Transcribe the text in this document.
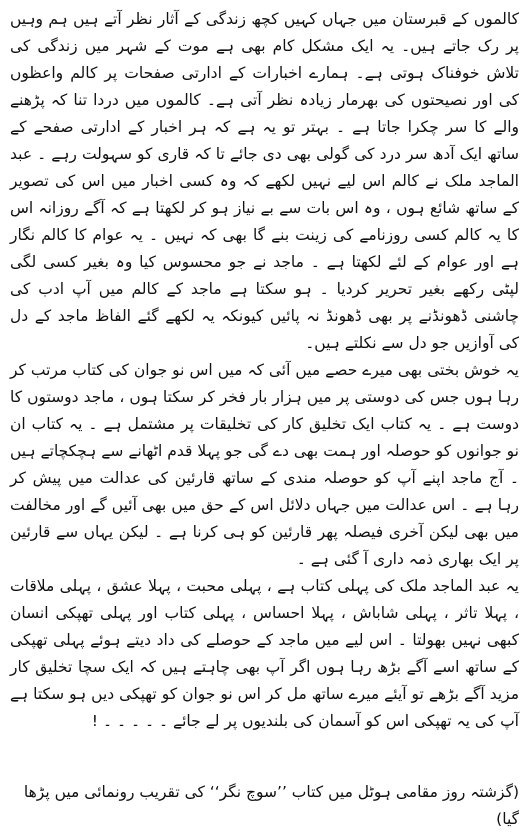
کالموں کے قبرستان میں جہاں کہیں کچھ زندگی کے آثار نظر آتے ہیں ہم وہیں پر رک جاتے ہیں۔ یہ ایک مشکل کام بھی ہے موت کے شہر میں زندگی کی تلاش خوفناک ہوتی ہے۔ ہمارے اخبارات کے ادارتی صفحات پر کالم واعظوں کی اور نصیحتوں کی بھرمار زیادہ نظر آتی ہے۔ کالموں میں دردا تنا کہ پڑھنے والے کا سر چکرا جاتا ہے ۔ بہتر تو یہ ہے کہ ہر اخبار کے ادارتی صفحے کے ساتھ ایک آدھ سر درد کی گولی بھی دی جائے تا کہ قاری کو سہولت رہے ۔ عبد الماجد ملک نے کالم اس لیے نہیں لکھے کہ وہ کسی اخبار میں اس کی تصویر کے ساتھ شائع ہوں ، وہ اس بات سے بے نیاز ہو کر لکھتا ہے کہ آگے روزانہ اس کا یہ کالم کسی روزنامے کی زینت بنے گا بھی کہ نہیں ۔ یہ عوام کا کالم نگار ہے اور عوام کے لئے لکھتا ہے ۔ ماجد نے جو محسوس کیا وہ بغیر کسی لگی لپٹی رکھے بغیر تحریر کردیا ۔ ہو سکتا ہے ماجد کے کالم میں آپ ادب کی چاشنی ڈھونڈنے پر بھی ڈھونڈ نہ پائیں کیونکہ یہ لکھے گئے الفاظ ماجد کے دل کی آوازیں جو دل سے نکلتے ہیں۔

یہ خوش بختی بھی میرے حصے میں آئی کہ میں اس نو جوان کی کتاب مرتب کر رہا ہوں جس کی دوستی پر میں ہزار بار فخر کر سکتا ہوں ، ماجد دوستوں کا دوست ہے ۔ یہ کتاب ایک تخلیق کار کی تخلیقات پر مشتمل ہے ۔ یہ کتاب ان نو جوانوں کو حوصلہ اور ہمت بھی دے گی جو پہلا قدم اٹھانے سے ہچکچاتے ہیں ۔ آج ماجد اپنے آپ کو حوصلہ مندی کے ساتھ قارئین کی عدالت میں پیش کر رہا ہے ۔ اس عدالت میں جہاں دلائل اس کے حق میں بھی آئیں گے اور مخالفت میں بھی لیکن آخری فیصلہ پھر قارئین کو ہی کرنا ہے ۔ لیکن یہاں سے قارئین پر ایک بھاری ذمہ داری آ گئی ہے ۔

یہ عبد الماجد ملک کی پہلی کتاب ہے ، پہلی محبت ، پہلا عشق ، پہلی ملاقات ، پہلا تاثر ، پہلی شاباش ، پہلا احساس ، پہلی کتاب اور پہلی تھپکی انسان کبھی نہیں بھولتا ۔ اس لیے میں ماجد کے حوصلے کی داد دیتے ہوئے پہلی تھپکی کے ساتھ اسے آگے بڑھ رہا ہوں اگر آپ بھی چاہتے ہیں کہ ایک سچا تخلیق کار مزید آگے بڑھے تو آیئے میرے ساتھ مل کر اس نو جوان کو تھپکی دیں ہو سکتا ہے آپ کی یہ تھپکی اس کو آسمان کی بلندیوں پر لے جائے ۔ ۔ ۔ ۔ ۔ !

(گزشتہ روز مقامی ہوٹل میں کتاب ’’سوچ نگر‘‘ کی تقریب رونمائی میں پڑھا گیا)
